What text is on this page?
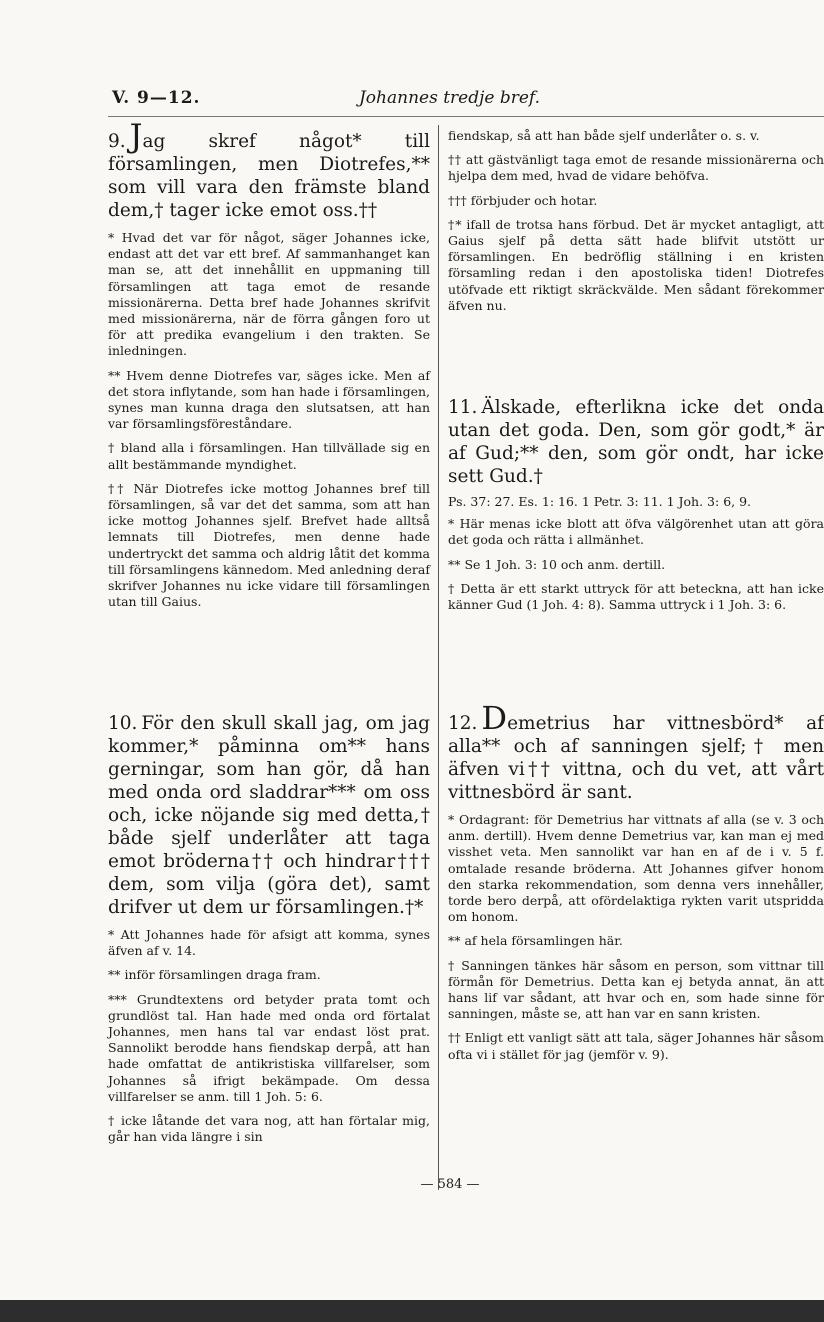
V. 9—12.	Johannes tredje bref.
9. Jag skref något* till församlingen, men Diotrefes,** som vill vara den främste bland dem,† tager icke emot oss.††

* Hvad det var för något, säger Johannes icke, endast att det var ett bref. Af sammanhanget kan man se, att det innehållit en uppmaning till församlingen att taga emot de resande missionärerna. Detta bref hade Johannes skrifvit med missionärerna, när de förra gången foro ut för att predika evangelium i den trakten. Se inledningen.

** Hvem denne Diotrefes var, säges icke. Men af det stora inflytande, som han hade i församlingen, synes man kunna draga den slutsatsen, att han var församlingsföreståndare.

† bland alla i församlingen. Han tillvällade sig en allt bestämmande myndighet.

†† När Diotrefes icke mottog Johannes bref till församlingen, så var det det samma, som att han icke mottog Johannes sjelf. Brefvet hade alltså lemnats till Diotrefes, men denne hade undertryckt det samma och aldrig låtit det komma till församlingens kännedom. Med anledning deraf skrifver Johannes nu icke vidare till församlingen utan till Gaius.

10. För den skull skall jag, om jag kommer,* påminna om** hans gerningar, som han gör, då han med onda ord sladdrar*** om oss och, icke nöjande sig med detta,† både sjelf underlåter att taga emot bröderna†† och hindrar††† dem, som vilja (göra det), samt drifver ut dem ur församlingen.†*

* Att Johannes hade för afsigt att komma, synes äfven af v. 14.

** inför församlingen draga fram.

*** Grundtextens ord betyder prata tomt och grundlöst tal. Han hade med onda ord förtalat Johannes, men hans tal var endast löst prat. Sannolikt berodde hans fiendskap derpå, att han hade omfattat de antikristiska villfarelser, som Johannes så ifrigt bekämpade. Om dessa villfarelser se anm. till 1 Joh. 5: 6.

† icke låtande det vara nog, att han förtalar mig, går han vida längre i sin

fiendskap, så att han både sjelf underlåter o. s. v.

†† att gästvänligt taga emot de resande missionärerna och hjelpa dem med, hvad de vidare behöfva.

††† förbjuder och hotar.

†* ifall de trotsa hans förbud. Det är mycket antagligt, att Gaius sjelf på detta sätt hade blifvit utstött ur församlingen. En bedröflig ställning i en kristen församling redan i den apostoliska tiden! Diotrefes utöfvade ett riktigt skräckvälde. Men sådant förekommer äfven nu.

11. Älskade, efterlikna icke det onda utan det goda. Den, som gör godt,* är af Gud;** den, som gör ondt, har icke sett Gud.†
Ps. 37: 27. Es. 1: 16. 1 Petr. 3: 11. 1 Joh. 3: 6, 9.

* Här menas icke blott att öfva välgörenhet utan att göra det goda och rätta i allmänhet.

** Se 1 Joh. 3: 10 och anm. dertill.

† Detta är ett starkt uttryck för att beteckna, att han icke känner Gud (1 Joh. 4: 8). Samma uttryck i 1 Joh. 3: 6.

12. Demetrius har vittnesbörd* af alla** och af sanningen sjelf;† men äfven vi†† vittna, och du vet, att vårt vittnesbörd är sant.

* Ordagrant: för Demetrius har vittnats af alla (se v. 3 och anm. dertill). Hvem denne Demetrius var, kan man ej med visshet veta. Men sannolikt var han en af de i v. 5 f. omtalade resande bröderna. Att Johannes gifver honom den starka rekommendation, som denna vers innehåller, torde bero derpå, att ofördelaktiga rykten varit utspridda om honom.

** af hela församlingen här.

† Sanningen tänkes här såsom en person, som vittnar till förmån för Demetrius. Detta kan ej betyda annat, än att hans lif var sådant, att hvar och en, som hade sinne för sanningen, måste se, att han var en sann kristen.

†† Enligt ett vanligt sätt att tala, säger Johannes här såsom ofta vi i stället för jag (jemför v. 9).

— 584 —
